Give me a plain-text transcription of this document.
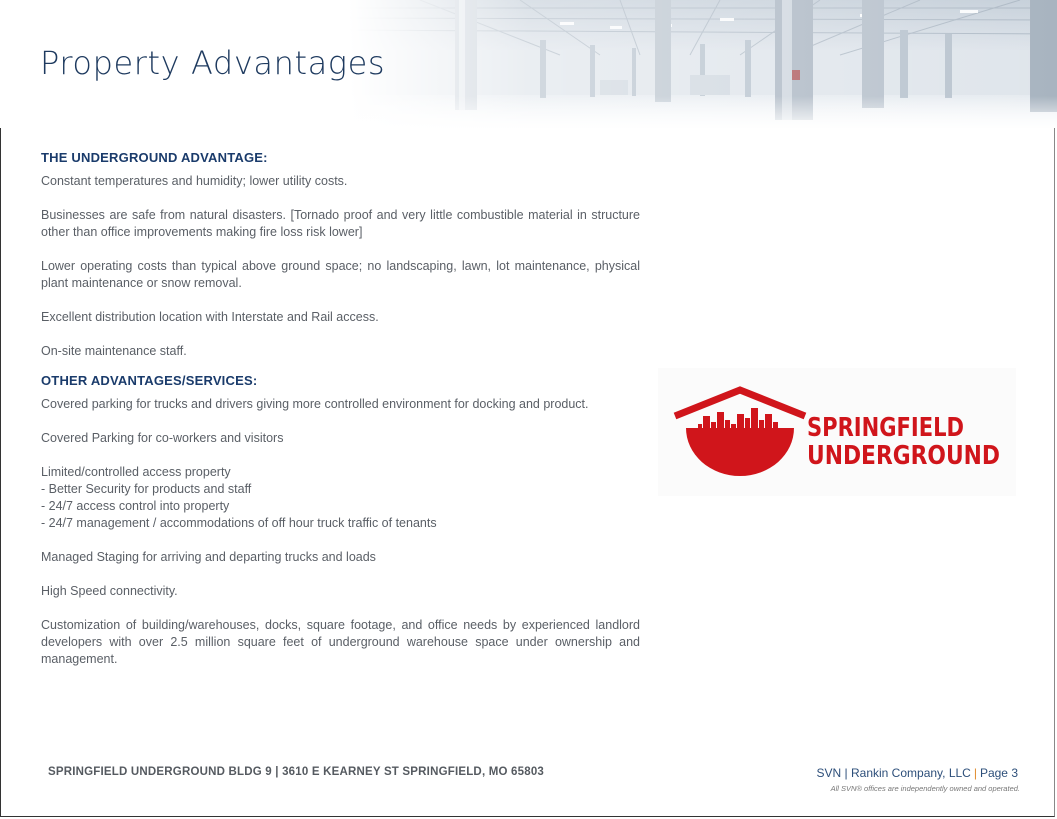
Property Advantages
THE UNDERGROUND ADVANTAGE:

Constant temperatures and humidity; lower utility costs.

Businesses are safe from natural disasters. [Tornado proof and very little combustible material in structure other than office improvements making fire loss risk lower]

Lower operating costs than typical above ground space; no landscaping, lawn, lot maintenance, physical plant maintenance or snow removal.

Excellent distribution location with Interstate and Rail access.

On-site maintenance staff.

OTHER ADVANTAGES/SERVICES:

Covered parking for trucks and drivers giving more controlled environment for docking and product.

Covered Parking for co-workers and visitors

Limited/controlled access property
- Better Security for products and staff
- 24/7 access control into property
- 24/7 management / accommodations of off hour truck traffic of tenants

Managed Staging for arriving and departing trucks and loads

High Speed connectivity.

Customization of building/warehouses, docks, square footage, and office needs by experienced landlord developers with over 2.5 million square feet of underground warehouse space under ownership and management.

SPRINGFIELD
UNDERGROUND
SPRINGFIELD UNDERGROUND BLDG 9 | 3610 E KEARNEY ST SPRINGFIELD, MO 65803	SVN | Rankin Company, LLC | Page 3
All SVN® offices are independently owned and operated.
